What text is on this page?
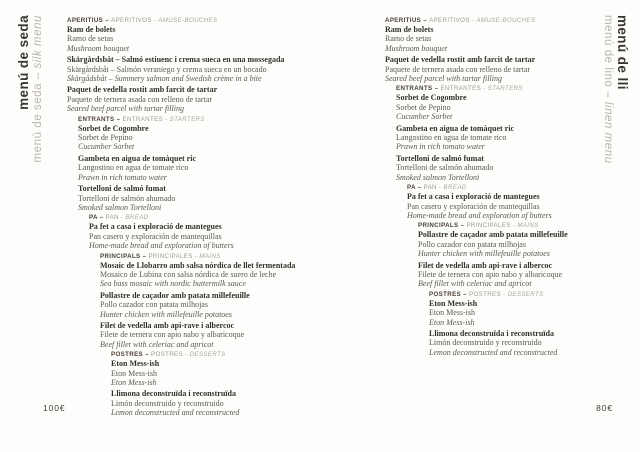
menú de seda
menú de seda – silk menu	menú de lli
menú de lino – linen menu
APERITIUS – APERITIVOS - AMUSE-BOUCHES
Ram de bolets
Ramo de setas
Mushroom bouquet
Skärgårdsbåt – Salmó estiuenc i crema sueca en una mossegada
Skärgårdsbåt – Salmón veraniego y crema sueca en un bocado
Skärgådsbåt – Summery salmon and Swedish crème in a bite
Paquet de vedella rostit amb farcit de tartar
Paquete de ternera asada con relleno de tartar
Seared beef parcel with tartar filling
ENTRANTS – ENTRANTES - STARTERS
Sorbet de Cogombre
Sorbet de Pepino
Cucumber Sorbet
Gambeta en aigua de tomàquet ric
Langostino en agua de tomate rico
Prawn in rich tomato water
Tortelloni de salmó fumat
Tortelloni de salmón ahumado
Smoked salmon Tortelloni
PA – PAN - BREAD
Pa fet a casa i exploració de mantegues
Pan casero y exploración de mantequillas
Home-made bread and exploration of butters
PRINCIPALS – PRINCIPALES - MAINS
Mosaic de Llobarro amb salsa nórdica de llet fermentada
Mosaico de Lubina con salsa nórdica de suero de leche
Sea bass mosaic with nordic buttermilk sauce
Pollastre de caçador amb patata millefeuille
Pollo cazador con patata milhojas
Hunter chicken with millefeuille potatoes
Filet de vedella amb api-rave i albercoc
Filete de ternera con apio nabo y albaricoque
Beef fillet with celeriac and apricot
POSTRES – POSTRES - DESSERTS
Eton Mess-ish
Eton Mess-ish
Eton Mess-ish
Llimona deconstruïda i reconstruïda
Limón deconstruido y reconstruido
Lemon deconstructed and reconstructed
APERITIUS – APERITIVOS - AMUSE-BOUCHES
Ram de bolets
Ramo de setas
Mushroom bouquet
Paquet de vedella rostit amb farcit de tartar
Paquete de ternera asada con relleno de tartar
Seared beef parcel with tartar filling
ENTRANTS – ENTRANTES - STARTERS
Sorbet de Cogombre
Sorbet de Pepino
Cucumber Sorbet
Gambeta en aigua de tomàquet ric
Langostino en agua de tomate rico
Prawn in rich tomato water
Tortelloni de salmó fumat
Tortelloni de salmón ahumado
Smoked salmon Tortelloni
PA – PAN - BREAD
Pa fet a casa i exploració de mantegues
Pan casero y exploración de mantequillas
Home-made bread and exploration of butters
PRINCIPALS – PRINCIPALES - MAINS
Pollastre de caçador amb patata millefeuille
Pollo cazador con patata milhojas
Hunter chicken with millefeuille potatoes
Filet de vedella amb api-rave i albercoc
Filete de ternera con apio nabo y albaricoque
Beef fillet with celeriac and apricot
POSTRES – POSTRES - DESSERTS
Eton Mess-ish
Eton Mess-ish
Eton Mess-ish
Llimona deconstruïda i reconstruïda
Limón deconstruido y reconstruido
Lemon deconstructed and reconstructed
100€	80€
